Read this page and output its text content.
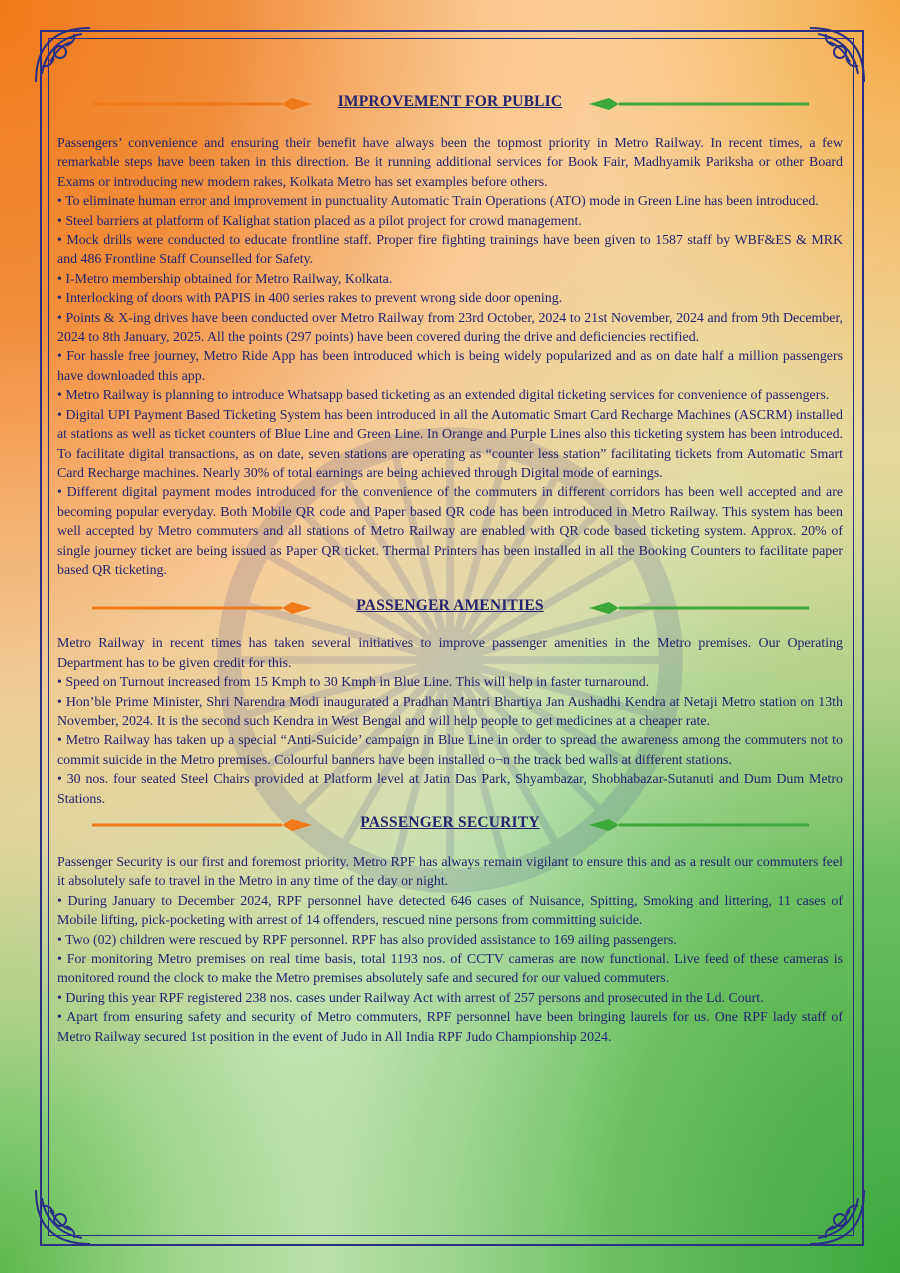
IMPROVEMENT FOR PUBLIC

Passengers’ convenience and ensuring their benefit have always been the topmost priority in Metro Railway. In recent times, a few remarkable steps have been taken in this direction. Be it running additional services for Book Fair, Madhyamik Pariksha or other Board Exams or introducing new modern rakes, Kolkata Metro has set examples before others.

• To eliminate human error and improvement in punctuality Automatic Train Operations (ATO) mode in Green Line has been introduced.

• Steel barriers at platform of Kalighat station placed as a pilot project for crowd management.

• Mock drills were conducted to educate frontline staff. Proper fire fighting trainings have been given to 1587 staff by WBF&ES & MRK and 486 Frontline Staff Counselled for Safety.

• I-Metro membership obtained for Metro Railway, Kolkata.

• Interlocking of doors with PAPIS in 400 series rakes to prevent wrong side door opening.

• Points & X-ing drives have been conducted over Metro Railway from 23rd October, 2024 to 21st November, 2024 and from 9th December, 2024 to 8th January, 2025. All the points (297 points) have been covered during the drive and deficiencies rectified.

• For hassle free journey, Metro Ride App has been introduced which is being widely popularized and as on date half a million passengers have downloaded this app.

• Metro Railway is planning to introduce Whatsapp based ticketing as an extended digital ticketing services for convenience of passengers.

• Digital UPI Payment Based Ticketing System has been introduced in all the Automatic Smart Card Recharge Machines (ASCRM) installed at stations as well as ticket counters of Blue Line and Green Line. In Orange and Purple Lines also this ticketing system has been introduced. To facilitate digital transactions, as on date, seven stations are operating as “counter less station” facilitating tickets from Automatic Smart Card Recharge machines. Nearly 30% of total earnings are being achieved through Digital mode of earnings.

• Different digital payment modes introduced for the convenience of the commuters in different corridors has been well accepted and are becoming popular everyday. Both Mobile QR code and Paper based QR code has been introduced in Metro Railway. This system has been well accepted by Metro commuters and all stations of Metro Railway are enabled with QR code based ticketing system. Approx. 20% of single journey ticket are being issued as Paper QR ticket. Thermal Printers has been installed in all the Booking Counters to facilitate paper based QR ticketing.

PASSENGER AMENITIES

Metro Railway in recent times has taken several initiatives to improve passenger amenities in the Metro premises. Our Operating Department has to be given credit for this.

• Speed on Turnout increased from 15 Kmph to 30 Kmph in Blue Line. This will help in faster turnaround.

• Hon’ble Prime Minister, Shri Narendra Modi inaugurated a Pradhan Mantri Bhartiya Jan Aushadhi Kendra at Netaji Metro station on 13th November, 2024. It is the second such Kendra in West Bengal and will help people to get medicines at a cheaper rate.

• Metro Railway has taken up a special “Anti-Suicide’ campaign in Blue Line in order to spread the awareness among the commuters not to commit suicide in the Metro premises. Colourful banners have been installed o¬n the track bed walls at different stations.

• 30 nos. four seated Steel Chairs provided at Platform level at Jatin Das Park, Shyambazar, Shobhabazar-Sutanuti and Dum Dum Metro Stations.

PASSENGER SECURITY

Passenger Security is our first and foremost priority. Metro RPF has always remain vigilant to ensure this and as a result our commuters feel it absolutely safe to travel in the Metro in any time of the day or night.

• During January to December 2024, RPF personnel have detected 646 cases of Nuisance, Spitting, Smoking and littering, 11 cases of Mobile lifting, pick-pocketing with arrest of 14 offenders, rescued nine persons from committing suicide.

• Two (02) children were rescued by RPF personnel. RPF has also provided assistance to 169 ailing passengers.

• For monitoring Metro premises on real time basis, total 1193 nos. of CCTV cameras are now functional. Live feed of these cameras is monitored round the clock to make the Metro premises absolutely safe and secured for our valued commuters.

• During this year RPF registered 238 nos. cases under Railway Act with arrest of 257 persons and prosecuted in the Ld. Court.

• Apart from ensuring safety and security of Metro commuters, RPF personnel have been bringing laurels for us. One RPF lady staff of Metro Railway secured 1st position in the event of Judo in All India RPF Judo Championship 2024.
